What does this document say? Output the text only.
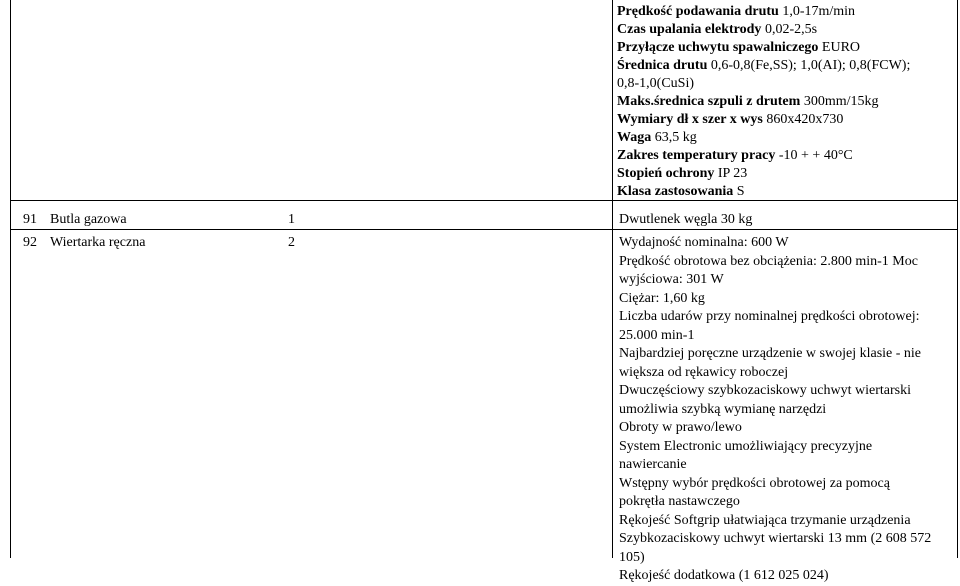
Prędkość podawania drutu 1,0-17m/min
Czas upalania elektrody 0,02-2,5s
Przyłącze uchwytu spawalniczego EURO
Średnica drutu 0,6-0,8(Fe,SS); 1,0(AI); 0,8(FCW);
0,8-1,0(CuSi)
Maks.średnica szpuli z drutem 300mm/15kg
Wymiary dł x szer x wys 860x420x730
Waga 63,5 kg
Zakres temperatury pracy -10 + + 40°C
Stopień ochrony IP 23
Klasa zastosowania S
91 Butla gazowa	1	Dwutlenek węgla 30 kg
92 Wiertarka ręczna	2	Wydajność nominalna: 600 W
Prędkość obrotowa bez obciążenia: 2.800 min-1 Moc
wyjściowa: 301 W
Ciężar: 1,60 kg
Liczba udarów przy nominalnej prędkości obrotowej:
25.000 min-1
Najbardziej poręczne urządzenie w swojej klasie - nie
większa od rękawicy roboczej
Dwuczęściowy szybkozaciskowy uchwyt wiertarski
umożliwia szybką wymianę narzędzi
Obroty w prawo/lewo
System Electronic umożliwiający precyzyjne
nawiercanie
Wstępny wybór prędkości obrotowej za pomocą
pokrętła nastawczego
Rękojeść Softgrip ułatwiająca trzymanie urządzenia
Szybkozaciskowy uchwyt wiertarski 13 mm (2 608 572
105)
Rękojeść dodatkowa (1 612 025 024)
